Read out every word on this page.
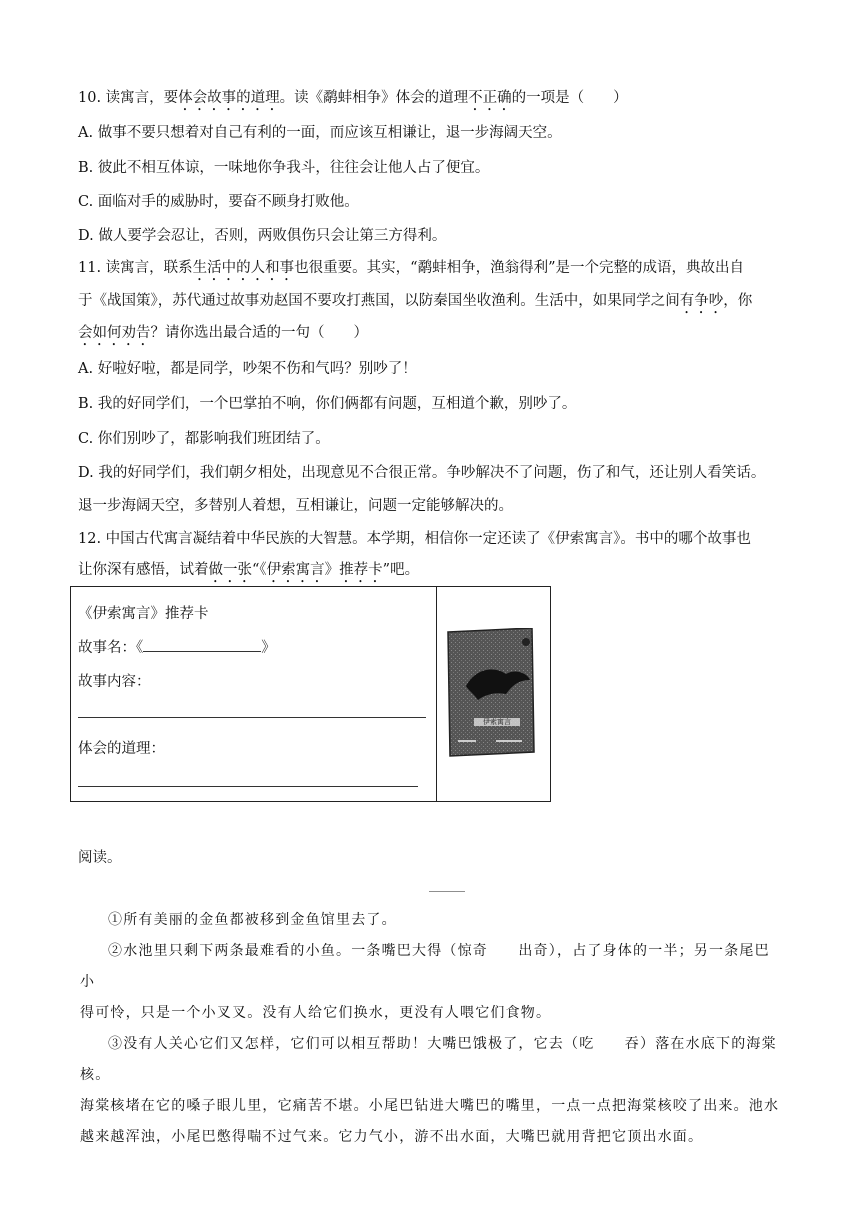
10. 读寓言，要体会故事的道理。读《鹬蚌相争》体会的道理不正确的一项是（　　）
A. 做事不要只想着对自己有利的一面，而应该互相谦让，退一步海阔天空。
B. 彼此不相互体谅，一味地你争我斗，往往会让他人占了便宜。
C. 面临对手的威胁时，要奋不顾身打败他。
D. 做人要学会忍让，否则，两败俱伤只会让第三方得利。
11. 读寓言，联系生活中的人和事也很重要。其实，“鹬蚌相争，渔翁得利”是一个完整的成语，典故出自
于《战国策》，苏代通过故事劝赵国不要攻打燕国，以防秦国坐收渔利。生活中，如果同学之间有争吵，你
会如何劝告？请你选出最合适的一句（　　）
A. 好啦好啦，都是同学，吵架不伤和气吗？别吵了！
B. 我的好同学们，一个巴掌拍不响，你们俩都有问题，互相道个歉，别吵了。
C. 你们别吵了，都影响我们班团结了。
D. 我的好同学们，我们朝夕相处，出现意见不合很正常。争吵解决不了问题，伤了和气，还让别人看笑话。
退一步海阔天空，多替别人着想，互相谦让，问题一定能够解决的。
12. 中国古代寓言凝结着中华民族的大智慧。本学期，相信你一定还读了《伊索寓言》。书中的哪个故事也
让你深有感悟，试着做一张“《伊索寓言》推荐卡”吧。

《伊索寓言》推荐卡
故事名：《	》
故事内容：
体会的道理：
伊索寓言
阅读。
______
①所有美丽的金鱼都被移到金鱼馆里去了。
②水池里只剩下两条最难看的小鱼。一条嘴巴大得（惊奇　　出奇），占了身体的一半；另一条尾巴小
得可怜，只是一个小叉叉。没有人给它们换水，更没有人喂它们食物。
③没有人关心它们又怎样，它们可以相互帮助！大嘴巴饿极了，它去（吃　　吞）落在水底下的海棠核。
海棠核堵在它的嗓子眼儿里，它痛苦不堪。小尾巴钻进大嘴巴的嘴里，一点一点把海棠核咬了出来。池水
越来越浑浊，小尾巴憋得喘不过气来。它力气小，游不出水面，大嘴巴就用背把它顶出水面。
